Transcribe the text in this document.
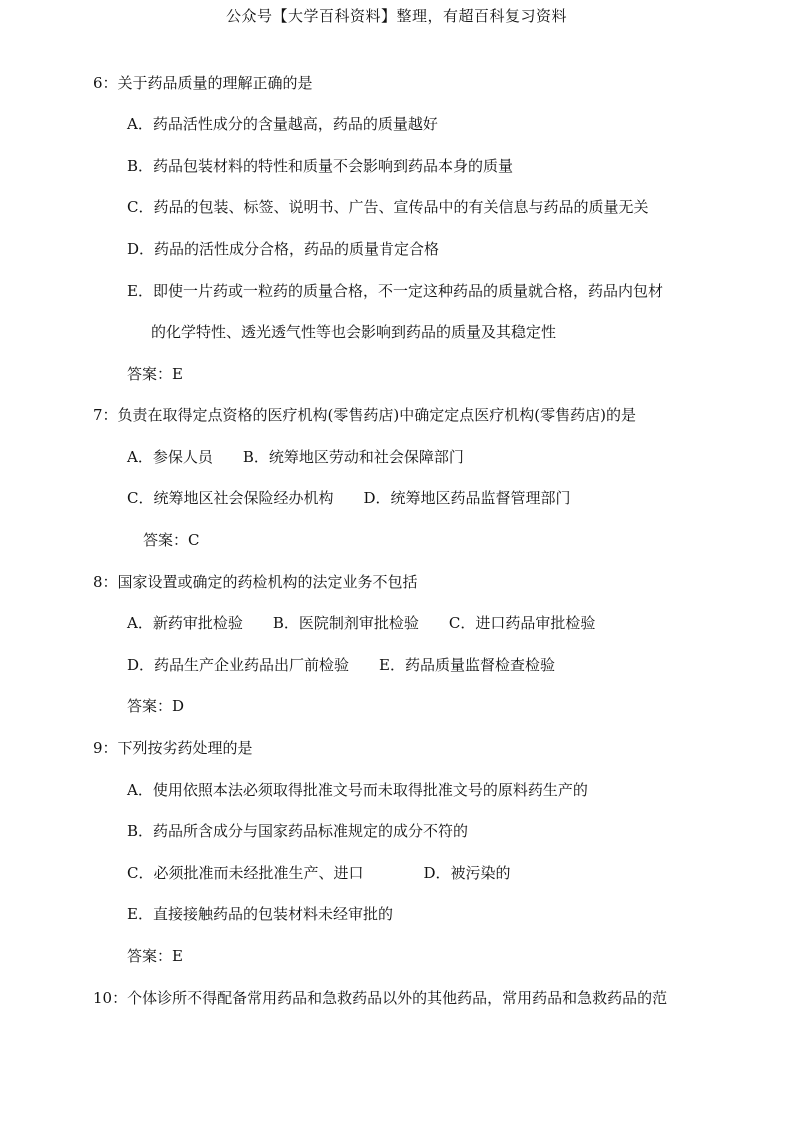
公众号【大学百科资料】整理，有超百科复习资料
6：关于药品质量的理解正确的是
A．药品活性成分的含量越高，药品的质量越好
B．药品包装材料的特性和质量不会影响到药品本身的质量
C．药品的包装、标签、说明书、广告、宣传品中的有关信息与药品的质量无关
D．药品的活性成分合格，药品的质量肯定合格
E．即使一片药或一粒药的质量合格，不一定这种药品的质量就合格，药品内包材
的化学特性、透光透气性等也会影响到药品的质量及其稳定性
答案：E
7：负责在取得定点资格的医疗机构(零售药店)中确定定点医疗机构(零售药店)的是
A．参保人员 B．统筹地区劳动和社会保障部门
C．统筹地区社会保险经办机构 D．统筹地区药品监督管理部门
答案：C
8：国家设置或确定的药检机构的法定业务不包括
A．新药审批检验 B．医院制剂审批检验 C．进口药品审批检验
D．药品生产企业药品出厂前检验 E．药品质量监督检查检验
答案：D
9：下列按劣药处理的是
A．使用依照本法必须取得批准文号而未取得批准文号的原料药生产的
B．药品所含成分与国家药品标准规定的成分不符的
C．必须批准而未经批准生产、进口	D．被污染的
E．直接接触药品的包装材料未经审批的
答案：E
10：个体诊所不得配备常用药品和急救药品以外的其他药品，常用药品和急救药品的范
